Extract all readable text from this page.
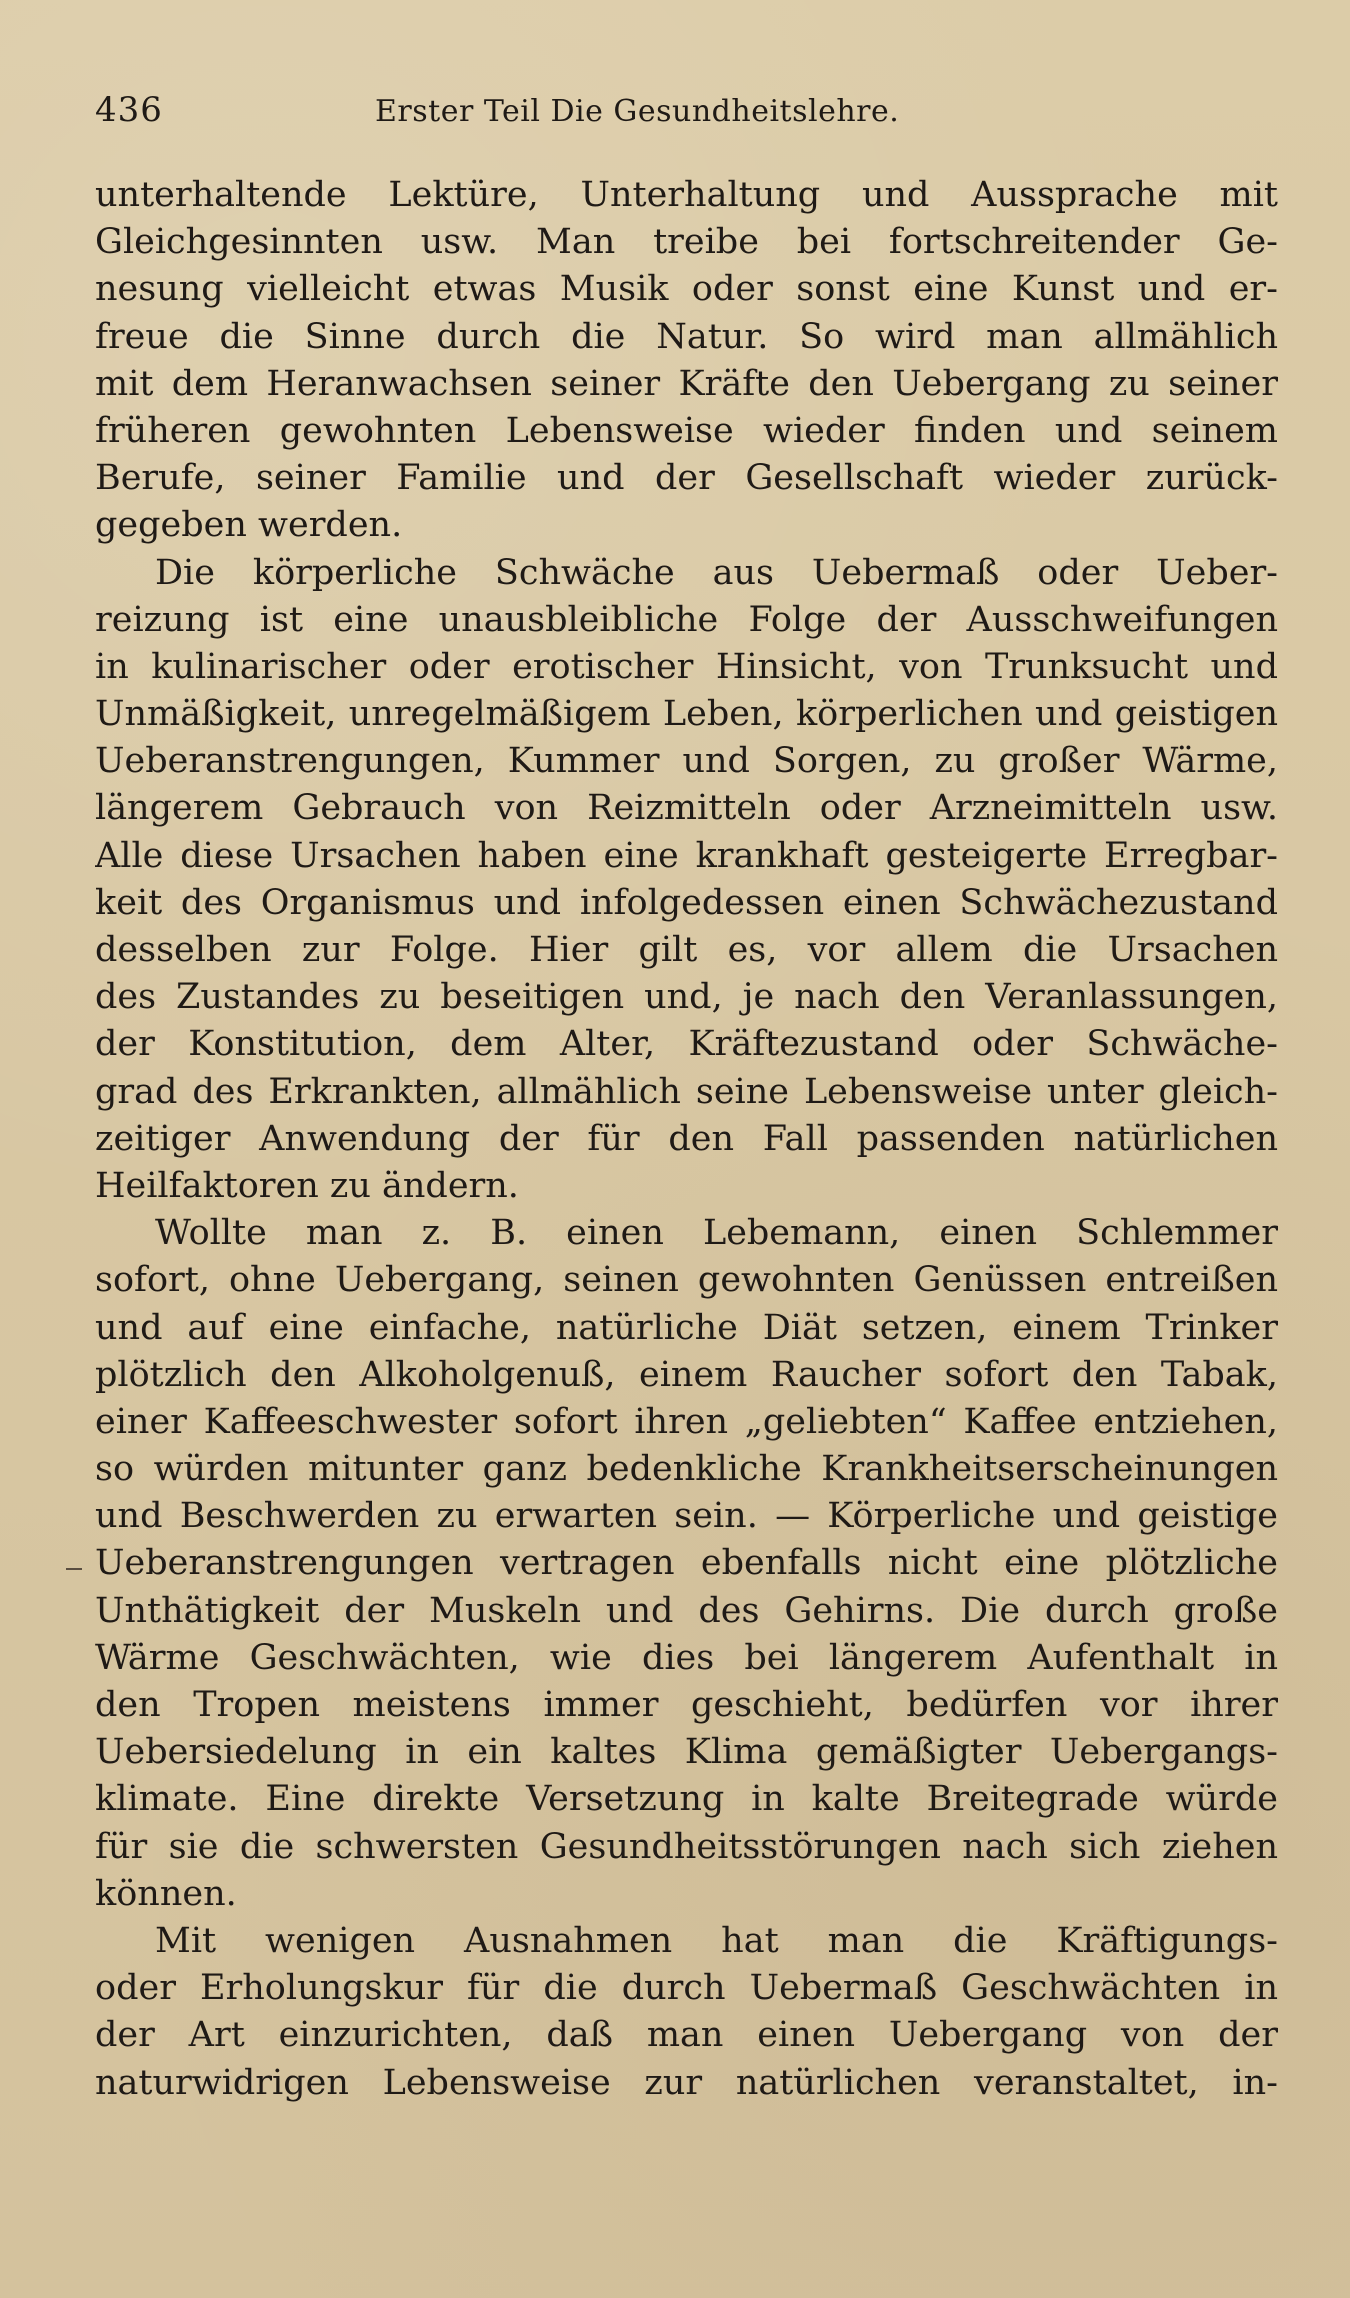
436	Erster Teil Die Gesundheitslehre.

unterhaltende Lektüre, Unterhaltung und Aussprache mit
Gleichgesinnten usw. Man treibe bei fortschreitender Ge-
nesung vielleicht etwas Musik oder sonst eine Kunst und er-
freue die Sinne durch die Natur. So wird man allmählich
mit dem Heranwachsen seiner Kräfte den Uebergang zu seiner
früheren gewohnten Lebensweise wieder finden und seinem
Berufe, seiner Familie und der Gesellschaft wieder zurück-
gegeben werden.

Die körperliche Schwäche aus Uebermaß oder Ueber-
reizung ist eine unausbleibliche Folge der Ausschweifungen
in kulinarischer oder erotischer Hinsicht, von Trunksucht und
Unmäßigkeit, unregelmäßigem Leben, körperlichen und geistigen
Ueberanstrengungen, Kummer und Sorgen, zu großer Wärme,
längerem Gebrauch von Reizmitteln oder Arzneimitteln usw.
Alle diese Ursachen haben eine krankhaft gesteigerte Erregbar-
keit des Organismus und infolgedessen einen Schwächezustand
desselben zur Folge. Hier gilt es, vor allem die Ursachen
des Zustandes zu beseitigen und, je nach den Veranlassungen,
der Konstitution, dem Alter, Kräftezustand oder Schwäche-
grad des Erkrankten, allmählich seine Lebensweise unter gleich-
zeitiger Anwendung der für den Fall passenden natürlichen
Heilfaktoren zu ändern.

Wollte man z. B. einen Lebemann, einen Schlemmer
sofort, ohne Uebergang, seinen gewohnten Genüssen entreißen
und auf eine einfache, natürliche Diät setzen, einem Trinker
plötzlich den Alkoholgenuß, einem Raucher sofort den Tabak,
einer Kaffeeschwester sofort ihren „geliebten“ Kaffee entziehen,
so würden mitunter ganz bedenkliche Krankheitserscheinungen
und Beschwerden zu erwarten sein. — Körperliche und geistige
Ueberanstrengungen vertragen ebenfalls nicht eine plötzliche
Unthätigkeit der Muskeln und des Gehirns. Die durch große
Wärme Geschwächten, wie dies bei längerem Aufenthalt in
den Tropen meistens immer geschieht, bedürfen vor ihrer
Uebersiedelung in ein kaltes Klima gemäßigter Uebergangs-
klimate. Eine direkte Versetzung in kalte Breitegrade würde
für sie die schwersten Gesundheitsstörungen nach sich ziehen
können.

Mit wenigen Ausnahmen hat man die Kräftigungs-
oder Erholungskur für die durch Uebermaß Geschwächten in
der Art einzurichten, daß man einen Uebergang von der
naturwidrigen Lebensweise zur natürlichen veranstaltet, in-
